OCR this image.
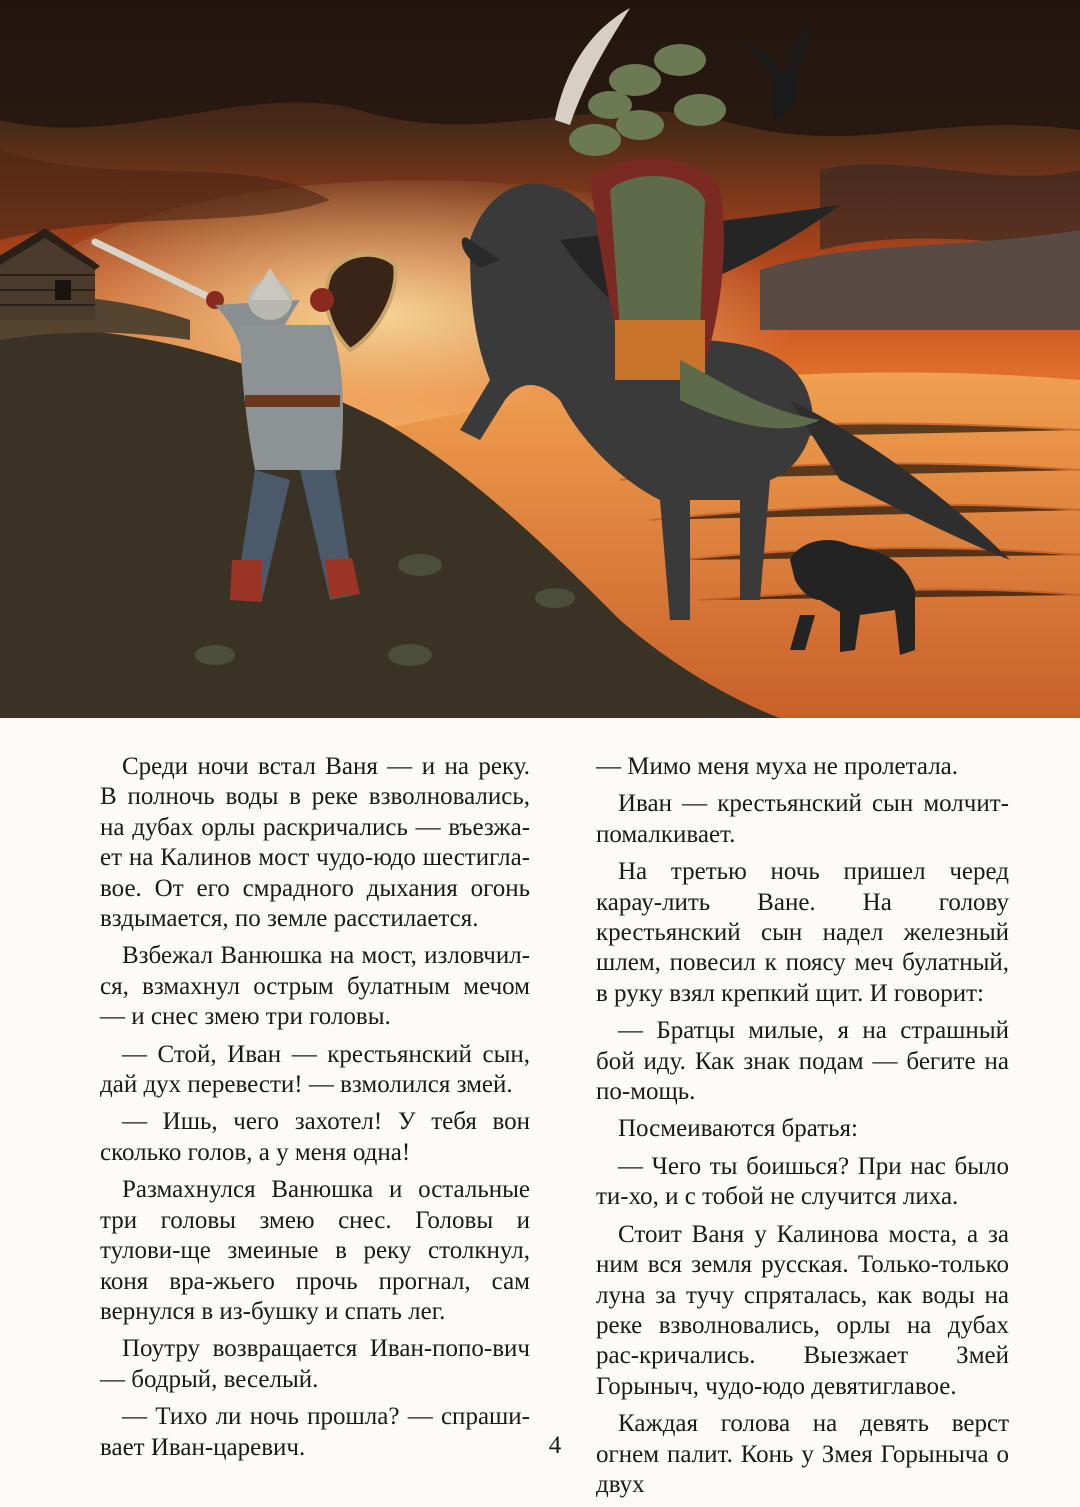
Среди ночи встал Ваня — и на реку. В полночь воды в реке взволновались, на дубах орлы раскричались — въезжа-ет на Калинов мост чудо-юдо шестигла-вое. От его смрадного дыхания огонь вздымается, по земле расстилается.

Взбежал Ванюшка на мост, изловчил-ся, взмахнул острым булатным мечом — и снес змею три головы.

— Стой, Иван — крестьянский сын, дай дух перевести! — взмолился змей.

— Ишь, чего захотел! У тебя вон сколько голов, а у меня одна!

Размахнулся Ванюшка и остальные три головы змею снес. Головы и тулови-ще змеиные в реку столкнул, коня вра-жьего прочь прогнал, сам вернулся в из-бушку и спать лег.

Поутру возвращается Иван-попо-вич — бодрый, веселый.

— Тихо ли ночь прошла? — спраши-вает Иван-царевич.

— Мимо меня муха не пролетала.

Иван — крестьянский сын молчит-помалкивает.

На третью ночь пришел черед карау-лить Ване. На голову крестьянский сын надел железный шлем, повесил к поясу меч булатный, в руку взял крепкий щит. И говорит:

— Братцы милые, я на страшный бой иду. Как знак подам — бегите на по-мощь.

Посмеиваются братья:

— Чего ты боишься? При нас было ти-хо, и с тобой не случится лиха.

Стоит Ваня у Калинова моста, а за ним вся земля русская. Только-только луна за тучу спряталась, как воды на реке взволновались, орлы на дубах рас-кричались. Выезжает Змей Горыныч, чудо-юдо девятиглавое.

Каждая голова на девять верст огнем палит. Конь у Змея Горыныча о двух

4
